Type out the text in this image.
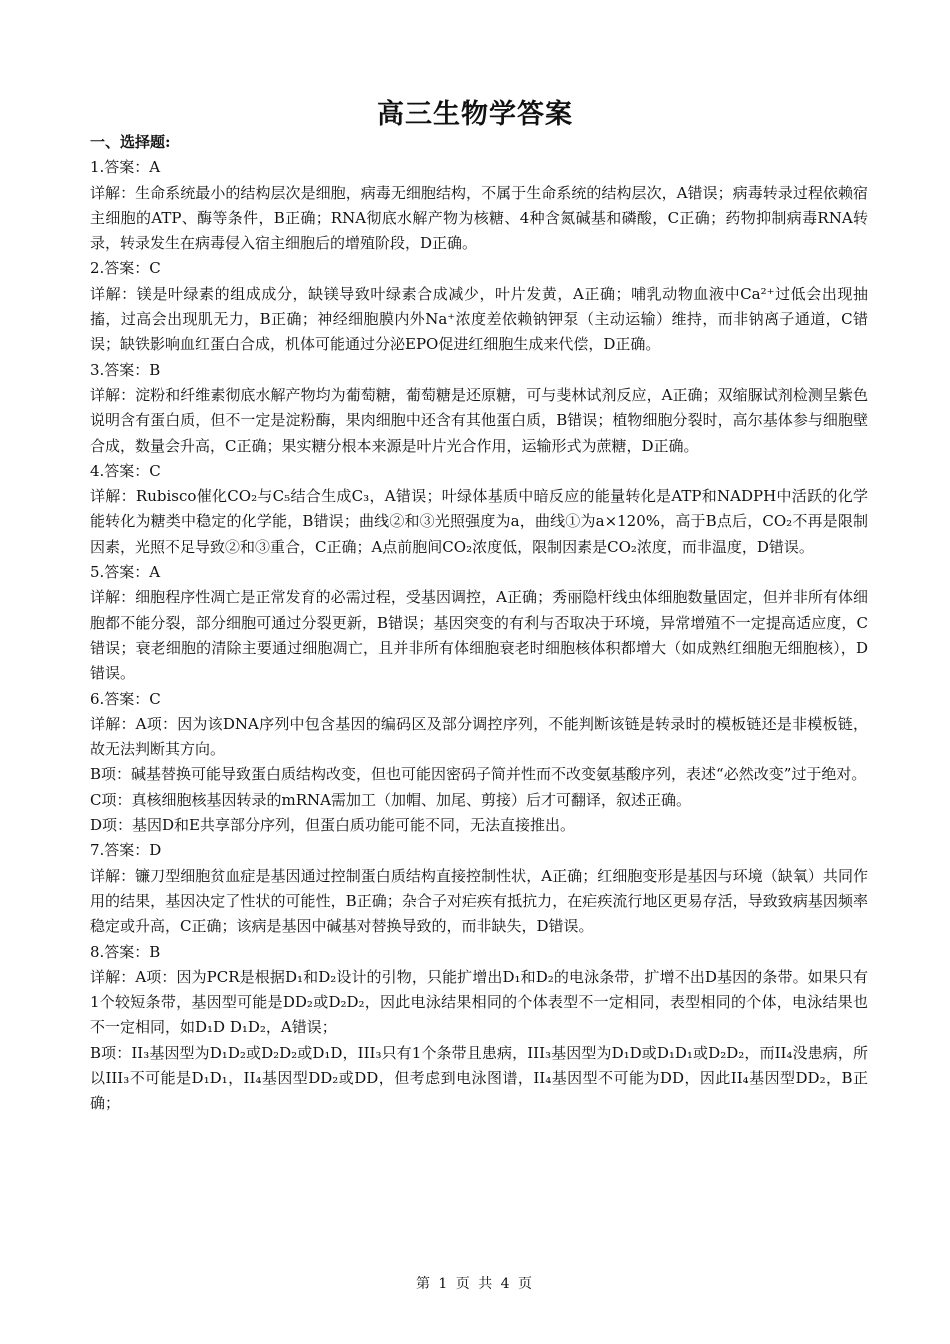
高三生物学答案
一、选择题:
1.答案：A
详解：生命系统最小的结构层次是细胞，病毒无细胞结构，不属于生命系统的结构层次，A错误；病毒转录过程依赖宿主细胞的ATP、酶等条件，B正确；RNA彻底水解产物为核糖、4种含氮碱基和磷酸，C正确；药物抑制病毒RNA转录，转录发生在病毒侵入宿主细胞后的增殖阶段，D正确。
2.答案：C
详解：镁是叶绿素的组成成分，缺镁导致叶绿素合成减少，叶片发黄，A正确；哺乳动物血液中Ca²⁺过低会出现抽搐，过高会出现肌无力，B正确；神经细胞膜内外Na⁺浓度差依赖钠钾泵（主动运输）维持，而非钠离子通道，C错误；缺铁影响血红蛋白合成，机体可能通过分泌EPO促进红细胞生成来代偿，D正确。
3.答案：B
详解：淀粉和纤维素彻底水解产物均为葡萄糖，葡萄糖是还原糖，可与斐林试剂反应，A正确；双缩脲试剂检测呈紫色说明含有蛋白质，但不一定是淀粉酶，果肉细胞中还含有其他蛋白质，B错误；植物细胞分裂时，高尔基体参与细胞壁合成，数量会升高，C正确；果实糖分根本来源是叶片光合作用，运输形式为蔗糖，D正确。
4.答案：C
详解：Rubisco催化CO₂与C₅结合生成C₃，A错误；叶绿体基质中暗反应的能量转化是ATP和NADPH中活跃的化学能转化为糖类中稳定的化学能，B错误；曲线②和③光照强度为a，曲线①为a×120%，高于B点后，CO₂不再是限制因素，光照不足导致②和③重合，C正确；A点前胞间CO₂浓度低，限制因素是CO₂浓度，而非温度，D错误。
5.答案：A
详解：细胞程序性凋亡是正常发育的必需过程，受基因调控，A正确；秀丽隐杆线虫体细胞数量固定，但并非所有体细胞都不能分裂，部分细胞可通过分裂更新，B错误；基因突变的有利与否取决于环境，异常增殖不一定提高适应度，C错误；衰老细胞的清除主要通过细胞凋亡，且并非所有体细胞衰老时细胞核体积都增大（如成熟红细胞无细胞核），D错误。
6.答案：C
详解：A项：因为该DNA序列中包含基因的编码区及部分调控序列，不能判断该链是转录时的模板链还是非模板链，故无法判断其方向。
B项：碱基替换可能导致蛋白质结构改变，但也可能因密码子简并性而不改变氨基酸序列，表述“必然改变”过于绝对。
C项：真核细胞核基因转录的mRNA需加工（加帽、加尾、剪接）后才可翻译，叙述正确。
D项：基因D和E共享部分序列，但蛋白质功能可能不同，无法直接推出。
7.答案：D
详解：镰刀型细胞贫血症是基因通过控制蛋白质结构直接控制性状，A正确；红细胞变形是基因与环境（缺氧）共同作用的结果，基因决定了性状的可能性，B正确；杂合子对疟疾有抵抗力，在疟疾流行地区更易存活，导致致病基因频率稳定或升高，C正确；该病是基因中碱基对替换导致的，而非缺失，D错误。
8.答案：B
详解：A项：因为PCR是根据D₁和D₂设计的引物，只能扩增出D₁和D₂的电泳条带，扩增不出D基因的条带。如果只有1个较短条带，基因型可能是DD₂或D₂D₂，因此电泳结果相同的个体表型不一定相同，表型相同的个体，电泳结果也不一定相同，如D₁D D₁D₂，A错误；
B项：II₃基因型为D₁D₂或D₂D₂或D₁D，III₃只有1个条带且患病，III₃基因型为D₁D或D₁D₁或D₂D₂，而II₄没患病，所以III₃不可能是D₁D₁，II₄基因型DD₂或DD，但考虑到电泳图谱，II₄基因型不可能为DD，因此II₄基因型DD₂，B正确；
第 1 页 共 4 页
